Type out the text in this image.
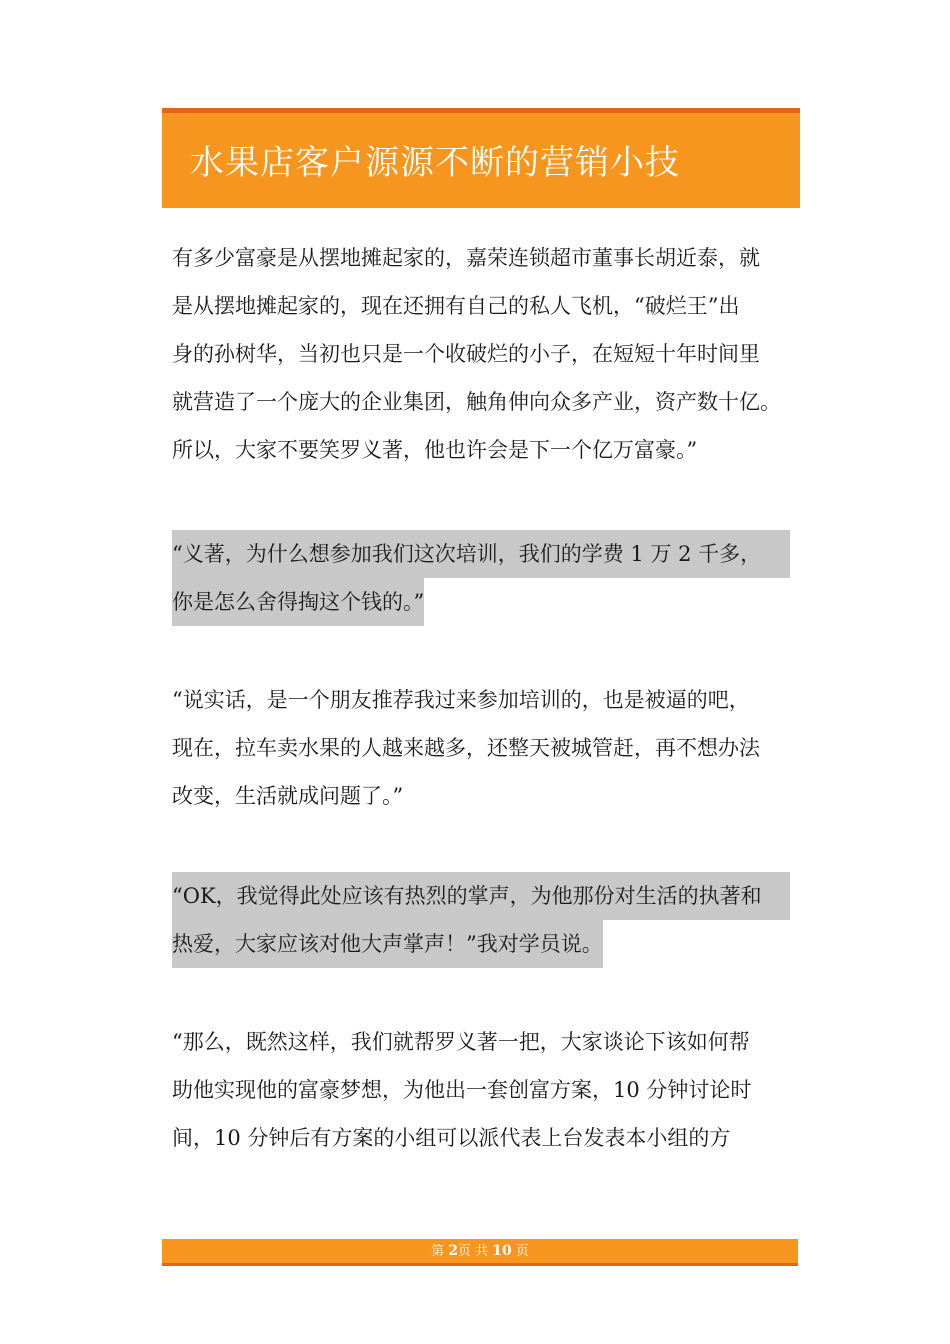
水果店客户源源不断的营销小技
有多少富豪是从摆地摊起家的，嘉荣连锁超市董事长胡近泰，就
是从摆地摊起家的，现在还拥有自己的私人飞机，“破烂王”出
身的孙树华，当初也只是一个收破烂的小子，在短短十年时间里
就营造了一个庞大的企业集团，触角伸向众多产业，资产数十亿。
所以，大家不要笑罗义著，他也许会是下一个亿万富豪。”
“义著，为什么想参加我们这次培训，我们的学费 1 万 2 千多，
你是怎么舍得掏这个钱的。”
“说实话，是一个朋友推荐我过来参加培训的，也是被逼的吧，
现在，拉车卖水果的人越来越多，还整天被城管赶，再不想办法
改变，生活就成问题了。”
“OK，我觉得此处应该有热烈的掌声，为他那份对生活的执著和
热爱，大家应该对他大声掌声！”我对学员说。
“那么，既然这样，我们就帮罗义著一把，大家谈论下该如何帮
助他实现他的富豪梦想，为他出一套创富方案，10 分钟讨论时
间，10 分钟后有方案的小组可以派代表上台发表本小组的方
第 2页 共 10 页
